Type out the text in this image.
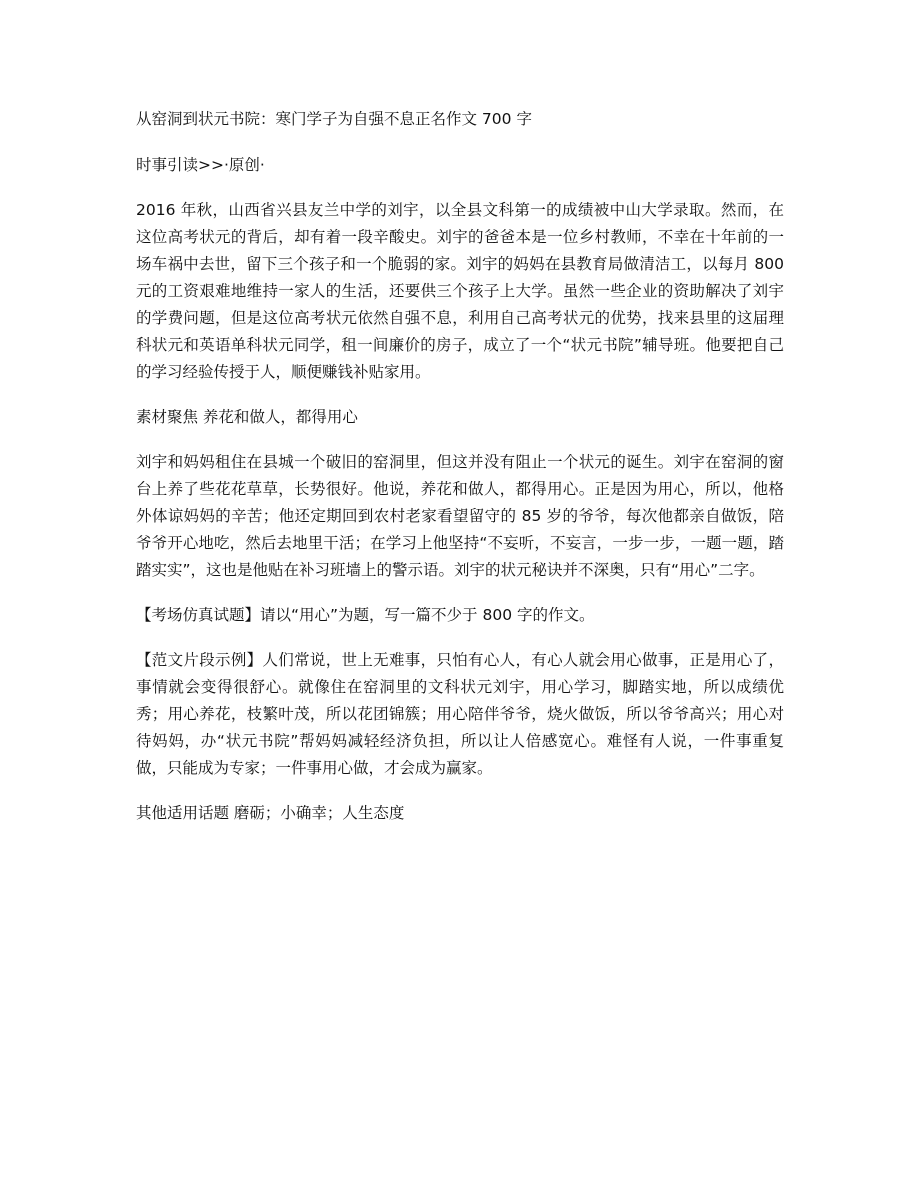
从窑洞到状元书院：寒门学子为自强不息正名作文 700 字

时事引读>>·原创·

2016 年秋，山西省兴县友兰中学的刘宇，以全县文科第一的成绩被中山大学录取。然而，在这位高考状元的背后，却有着一段辛酸史。刘宇的爸爸本是一位乡村教师，不幸在十年前的一场车祸中去世，留下三个孩子和一个脆弱的家。刘宇的妈妈在县教育局做清洁工，以每月 800 元的工资艰难地维持一家人的生活，还要供三个孩子上大学。虽然一些企业的资助解决了刘宇的学费问题，但是这位高考状元依然自强不息，利用自己高考状元的优势，找来县里的这届理科状元和英语单科状元同学，租一间廉价的房子，成立了一个“状元书院”辅导班。他要把自己的学习经验传授于人，顺便赚钱补贴家用。

素材聚焦 养花和做人，都得用心

刘宇和妈妈租住在县城一个破旧的窑洞里，但这并没有阻止一个状元的诞生。刘宇在窑洞的窗台上养了些花花草草，长势很好。他说，养花和做人，都得用心。正是因为用心，所以，他格外体谅妈妈的辛苦；他还定期回到农村老家看望留守的 85 岁的爷爷，每次他都亲自做饭，陪爷爷开心地吃，然后去地里干活；在学习上他坚持“不妄听，不妄言，一步一步，一题一题，踏踏实实”，这也是他贴在补习班墙上的警示语。刘宇的状元秘诀并不深奥，只有“用心”二字。

【考场仿真试题】请以“用心”为题，写一篇不少于 800 字的作文。

【范文片段示例】人们常说，世上无难事，只怕有心人，有心人就会用心做事，正是用心了，事情就会变得很舒心。就像住在窑洞里的文科状元刘宇，用心学习，脚踏实地，所以成绩优秀；用心养花，枝繁叶茂，所以花团锦簇；用心陪伴爷爷，烧火做饭，所以爷爷高兴；用心对待妈妈，办“状元书院”帮妈妈减轻经济负担，所以让人倍感宽心。难怪有人说，一件事重复做，只能成为专家；一件事用心做，才会成为赢家。

其他适用话题 磨砺；小确幸；人生态度
